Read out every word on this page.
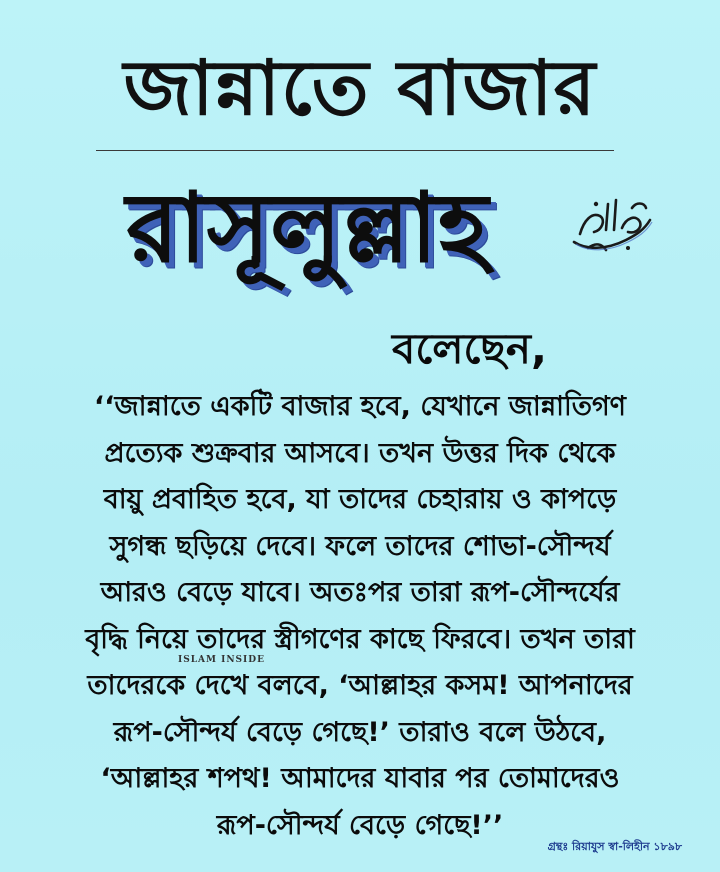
জান্নাতে বাজার
রাসূলুল্লাহ
বলেছেন,
‘‘জান্নাতে একটি বাজার হবে, যেখানে জান্নাতিগণ
প্রত্যেক শুক্রবার আসবে। তখন উত্তর দিক থেকে
বায়ু প্রবাহিত হবে, যা তাদের চেহারায় ও কাপড়ে
সুগন্ধ ছড়িয়ে দেবে। ফলে তাদের শোভা-সৌন্দর্য
আরও বেড়ে যাবে। অতঃপর তারা রূপ-সৌন্দর্যের
বৃদ্ধি নিয়ে তাদের স্ত্রীগণের কাছে ফিরবে। তখন তারা
তাদেরকে দেখে বলবে, ‘আল্লাহর কসম! আপনাদের
রূপ-সৌন্দর্য বেড়ে গেছে!’ তারাও বলে উঠবে,
‘আল্লাহর শপথ! আমাদের যাবার পর তোমাদেরও
রূপ-সৌন্দর্য বেড়ে গেছে!’’
ISLAM INSIDE
গ্রন্থঃ রিয়াযুস স্বা-লিহীন ১৮৯৮
